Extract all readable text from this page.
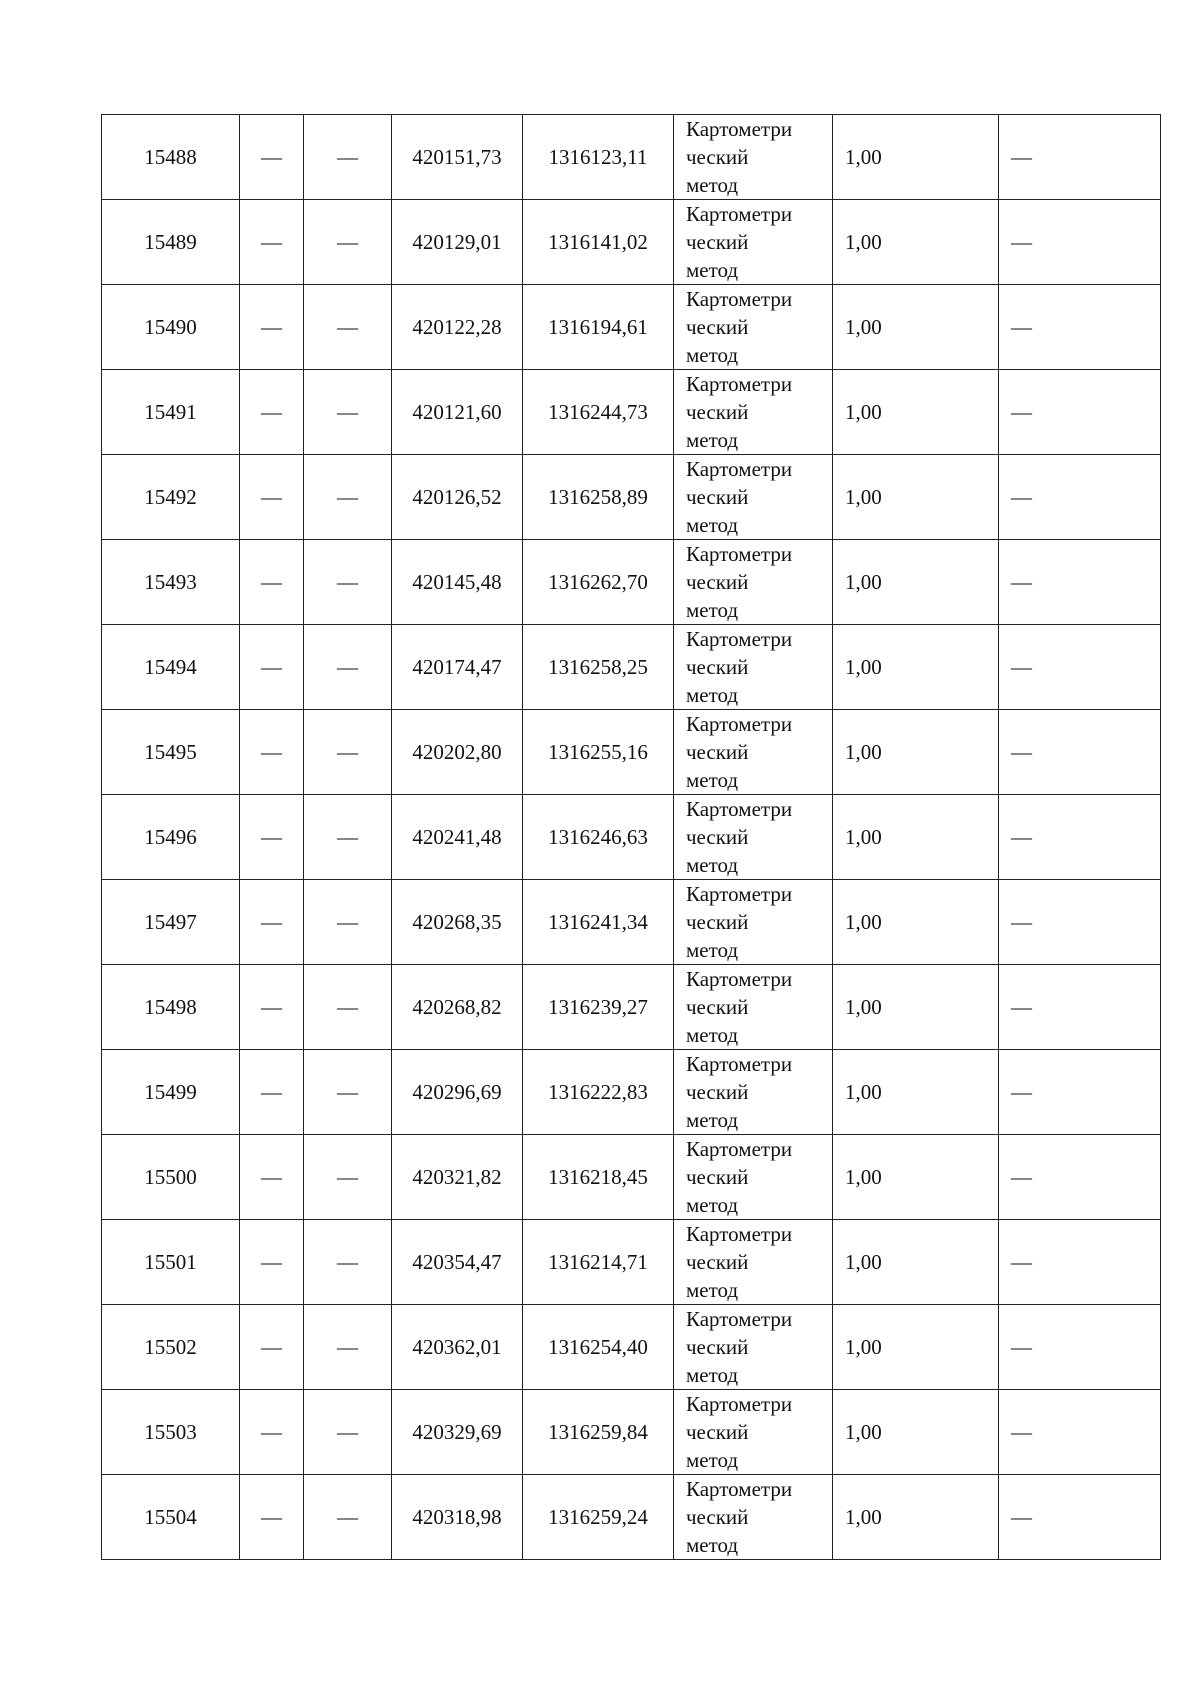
15488	—	—	420151,73	1316123,11	Картометри
ческий
метод	1,00	—
15489	—	—	420129,01	1316141,02	Картометри
ческий
метод	1,00	—
15490	—	—	420122,28	1316194,61	Картометри
ческий
метод	1,00	—
15491	—	—	420121,60	1316244,73	Картометри
ческий
метод	1,00	—
15492	—	—	420126,52	1316258,89	Картометри
ческий
метод	1,00	—
15493	—	—	420145,48	1316262,70	Картометри
ческий
метод	1,00	—
15494	—	—	420174,47	1316258,25	Картометри
ческий
метод	1,00	—
15495	—	—	420202,80	1316255,16	Картометри
ческий
метод	1,00	—
15496	—	—	420241,48	1316246,63	Картометри
ческий
метод	1,00	—
15497	—	—	420268,35	1316241,34	Картометри
ческий
метод	1,00	—
15498	—	—	420268,82	1316239,27	Картометри
ческий
метод	1,00	—
15499	—	—	420296,69	1316222,83	Картометри
ческий
метод	1,00	—
15500	—	—	420321,82	1316218,45	Картометри
ческий
метод	1,00	—
15501	—	—	420354,47	1316214,71	Картометри
ческий
метод	1,00	—
15502	—	—	420362,01	1316254,40	Картометри
ческий
метод	1,00	—
15503	—	—	420329,69	1316259,84	Картометри
ческий
метод	1,00	—
15504	—	—	420318,98	1316259,24	Картометри
ческий
метод	1,00	—
